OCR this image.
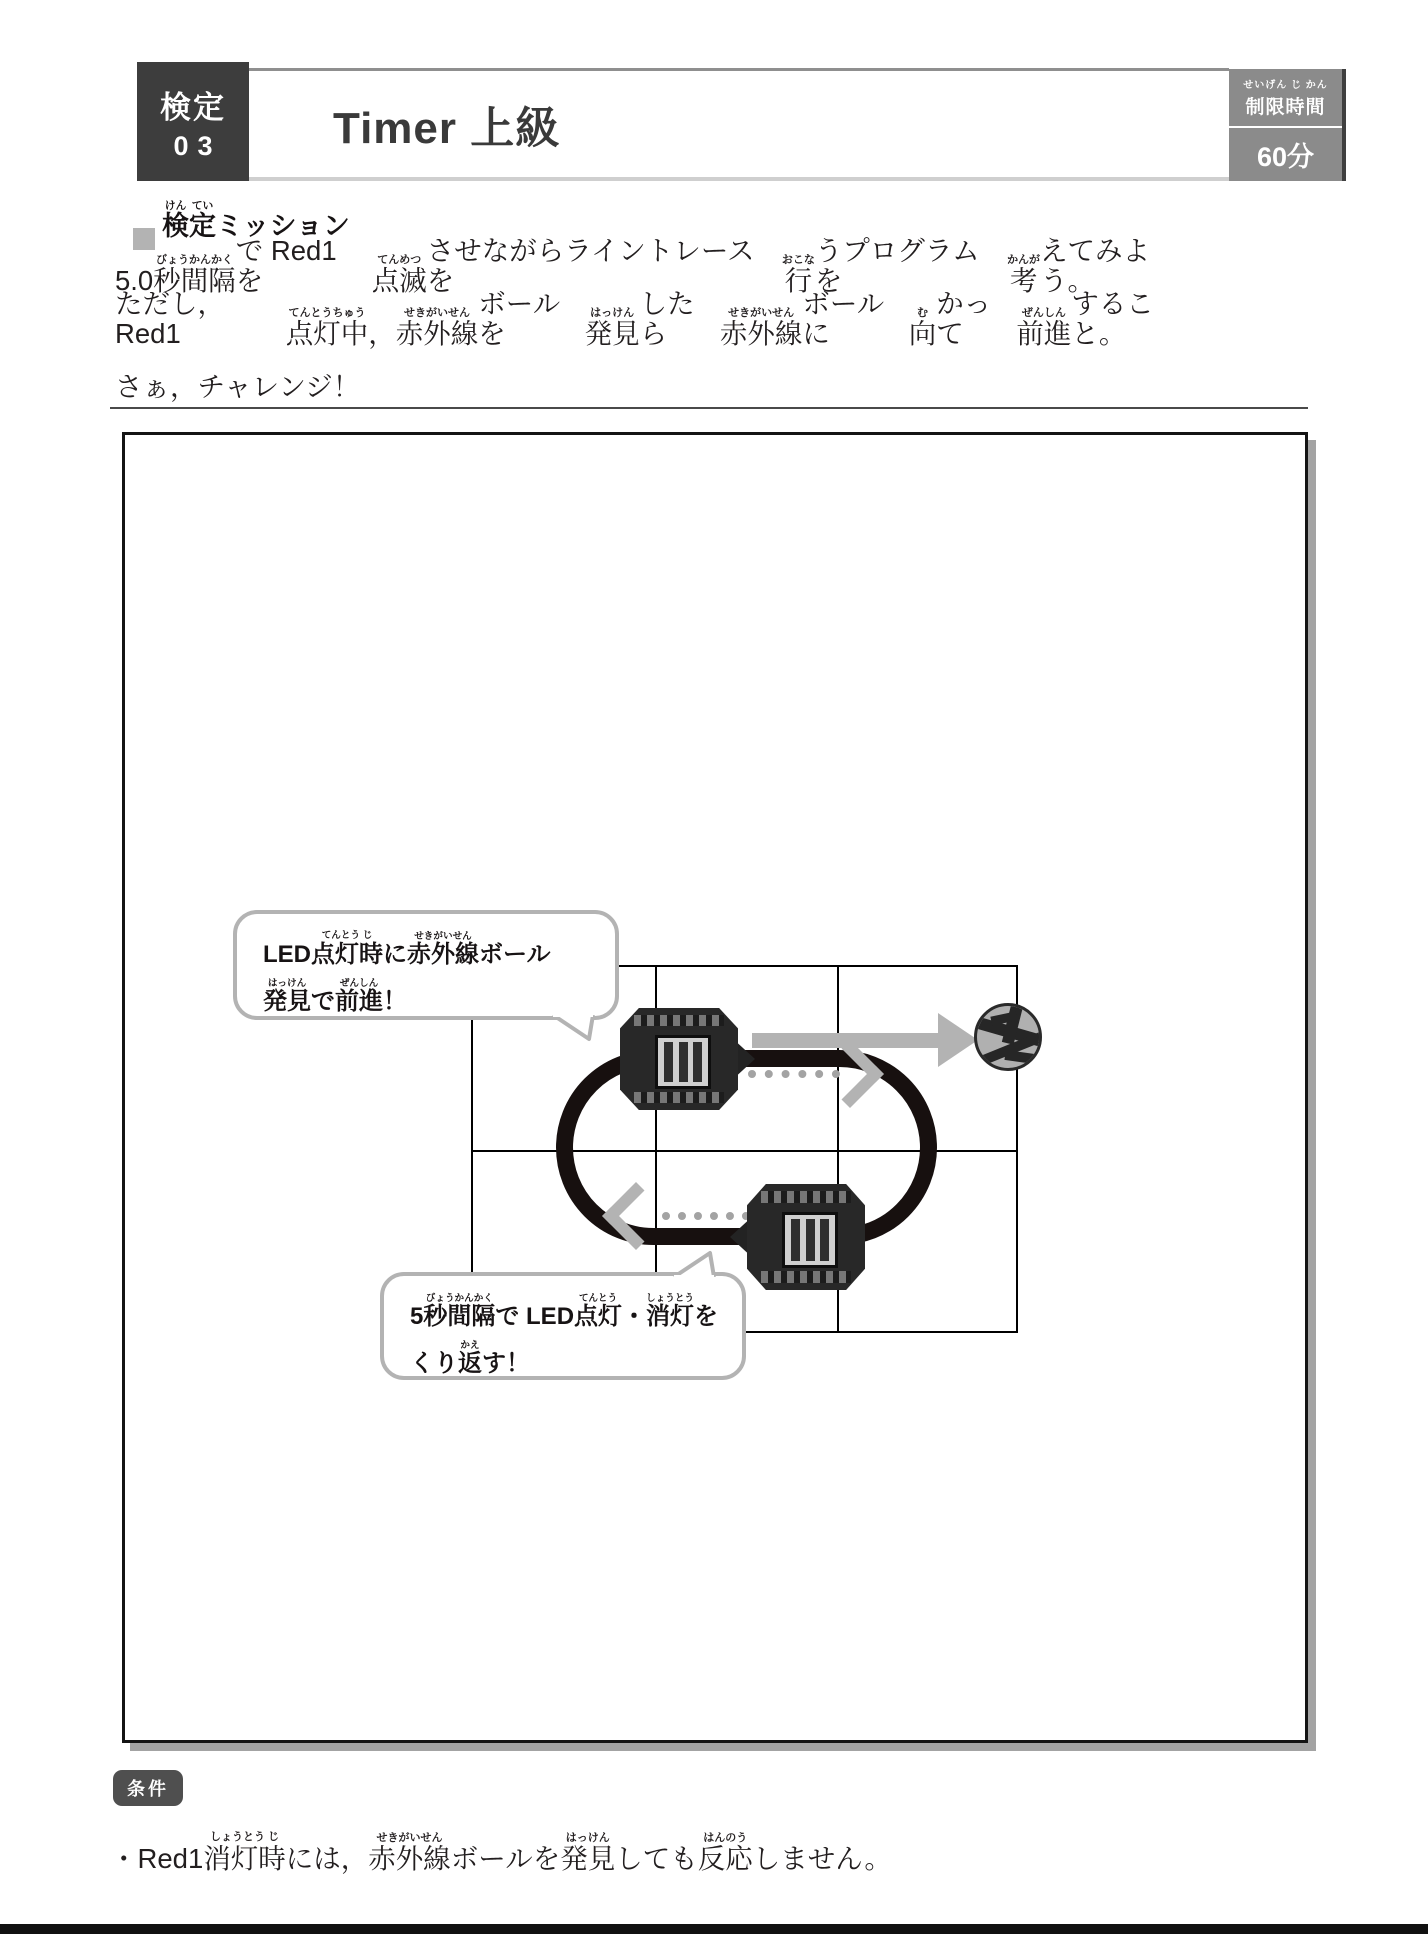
検定
03	Timer 上級
せいげん じ かん
制限時間
60分
検けん定ていミッション
5.0 秒間隔びょうかんかく で Red1 を	点滅てんめつ させながらライントレースを	行おこな うプログラムを	考かんが えてみよう。
ただし，Red1	点灯中てんとうちゅう
， 赤外線せきがいせん ボールを	発見はっけん したら 赤外線せきがいせん ボールに	向む かって 前進ぜんしん すること。
さぁ，チャレンジ！
LED 点灯時てんとう じ
に 赤外線せきがいせん
ボール
発見はっけん
で 前進ぜんしん
！
5 秒間隔びょうかんかく
で LED 点灯てんとう
・ 消灯しょうとう
を
くり 返かえ
す！
条件
・Red1 消灯時しょうとう じ
には， 赤外線せきがいせん
ボールを 発見はっけん
しても 反応はんのう
しません。
